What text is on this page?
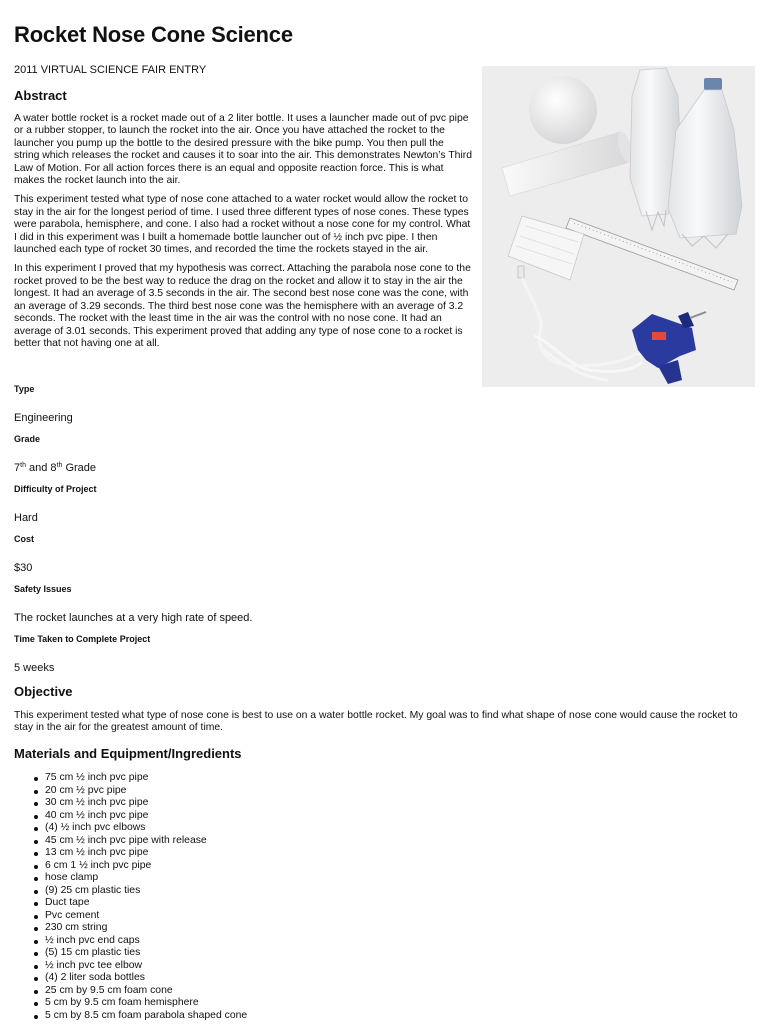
Rocket Nose Cone Science

2011 VIRTUAL SCIENCE FAIR ENTRY

Abstract

A water bottle rocket is a rocket made out of a 2 liter bottle. It uses a launcher made out of pvc pipe or a rubber stopper, to launch the rocket into the air. Once you have attached the rocket to the launcher you pump up the bottle to the desired pressure with the bike pump. You then pull the string which releases the rocket and causes it to soar into the air. This demonstrates Newton’s Third Law of Motion. For all action forces there is an equal and opposite reaction force. This is what makes the rocket launch into the air.

This experiment tested what type of nose cone attached to a water rocket would allow the rocket to stay in the air for the longest period of time. I used three different types of nose cones. These types were parabola, hemisphere, and cone. I also had a rocket without a nose cone for my control. What I did in this experiment was I built a homemade bottle launcher out of ½ inch pvc pipe. I then launched each type of rocket 30 times, and recorded the time the rockets stayed in the air.

In this experiment I proved that my hypothesis was correct. Attaching the parabola nose cone to the rocket proved to be the best way to reduce the drag on the rocket and allow it to stay in the air the longest. It had an average of 3.5 seconds in the air. The second best nose cone was the cone, with an average of 3.29 seconds. The third best nose cone was the hemisphere with an average of 3.2 seconds. The rocket with the least time in the air was the control with no nose cone. It had an average of 3.01 seconds. This experiment proved that adding any type of nose cone to a rocket is better that not having one at all.

Type

Engineering

Grade

7th and 8th Grade

Difficulty of Project

Hard

Cost

$30

Safety Issues

The rocket launches at a very high rate of speed.

Time Taken to Complete Project

5 weeks

Objective

This experiment tested what type of nose cone is best to use on a water bottle rocket. My goal was to find what shape of nose cone would cause the rocket to stay in the air for the greatest amount of time.

Materials and Equipment/Ingredients
75 cm ½ inch pvc pipe
20 cm ½ pvc pipe
30 cm ½ inch pvc pipe
40 cm ½ inch pvc pipe
(4) ½ inch pvc elbows
45 cm ½ inch pvc pipe with release
13 cm ½ inch pvc pipe
6 cm 1 ½ inch pvc pipe
hose clamp
(9) 25 cm plastic ties
Duct tape
Pvc cement
230 cm string
½ inch pvc end caps
(5) 15 cm plastic ties
½ inch pvc tee elbow
(4) 2 liter soda bottles
25 cm by 9.5 cm foam cone
5 cm by 9.5 cm foam hemisphere
5 cm by 8.5 cm foam parabola shaped cone
